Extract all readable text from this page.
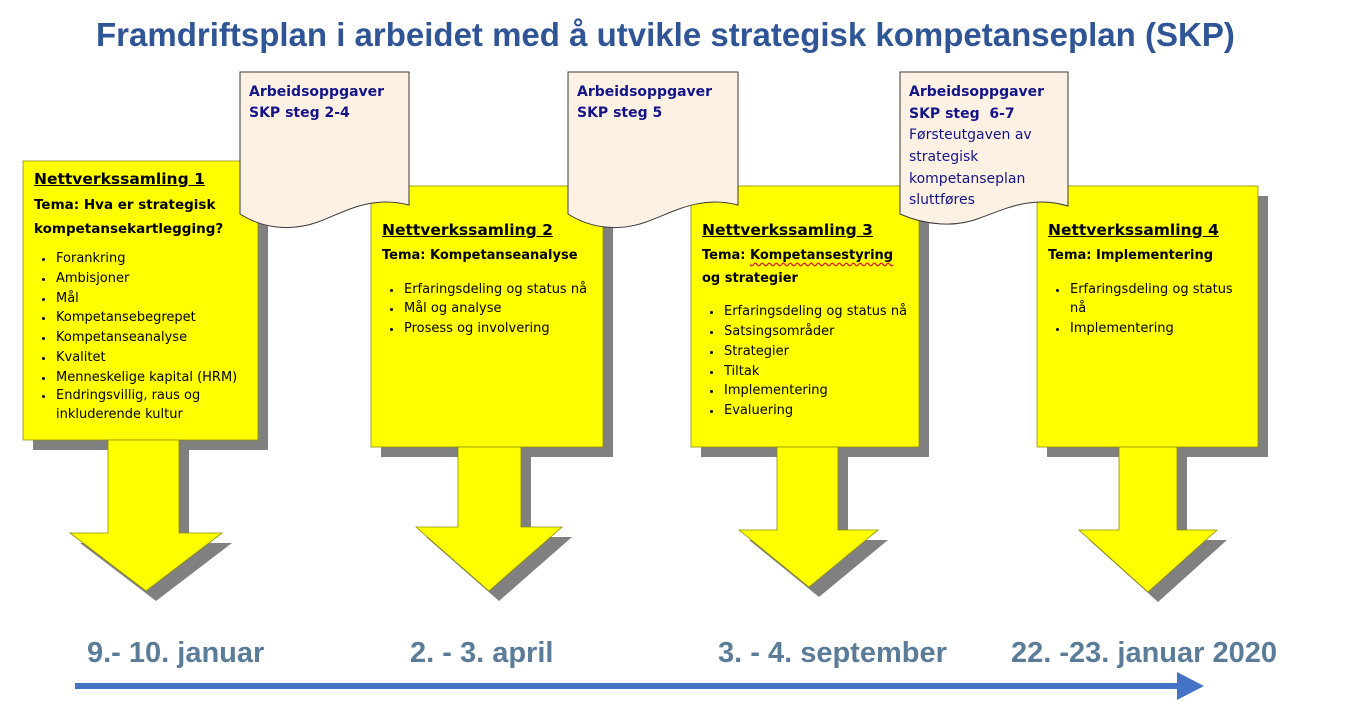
Framdriftsplan i arbeidet med å utvikle strategisk kompetanseplan (SKP)
Nettverkssamling 1
Tema: Hva er strategisk kompetansekartlegging?
• Forankring
• Ambisjoner
• Mål
• Kompetansebegrepet
• Kompetanseanalyse
• Kvalitet
• Menneskelige kapital (HRM)
• Endringsvillig, raus og inkluderende kultur
Nettverkssamling 2
Tema: Kompetanseanalyse
• Erfaringsdeling og status nå
• Mål og analyse
• Prosess og involvering
Nettverkssamling 3
Tema: Kompetansestyring og strategier
• Erfaringsdeling og status nå
• Satsingsområder
• Strategier
• Tiltak
• Implementering
• Evaluering
Nettverkssamling 4
Tema: Implementering
• Erfaringsdeling og status nå
• Implementering
Arbeidsoppgaver
SKP steg 2-4
Arbeidsoppgaver
SKP steg 5
Arbeidsoppgaver
SKP steg  6-7
Førsteutgaven av strategisk kompetanseplan sluttføres
9.- 10. januar	2. - 3. april	3. - 4. september 22. -23. januar 2020
